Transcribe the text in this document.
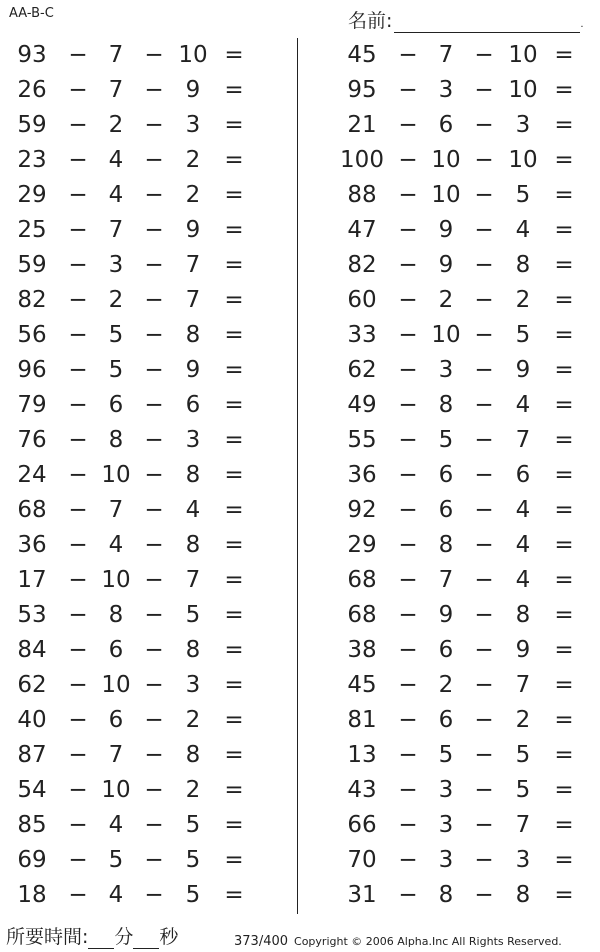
AA-B-C	名前:	.
93 − 7 − 10 =
26 − 7 − 9	=
59 − 2 − 3	=
23 − 4 − 2	=
29 − 4 − 2	=
25 − 7 − 9	=
59 − 3 − 7	=
82 − 2 − 7	=
56 − 5 − 8	=
96 − 5 − 9	=
79 − 6 − 6	=
76 − 8 − 3	=
24 − 10 − 8	=
68 − 7 − 4	=
36 − 4 − 8	=
17 − 10 − 7	=
53 − 8 − 5	=
84 − 6 − 8	=
62 − 10 − 3	=
40 − 6 − 2	=
87 − 7 − 8	=
54 − 10 − 2	=
85 − 4 − 5	=
69 − 5 − 5	=
18 − 4 − 5	=
45 − 7 − 10 =
95 − 3 − 10 =
21 − 6 − 3	=
100 − 10 − 10 =
88 − 10 − 5	=
47 − 9 − 4	=
82 − 9 − 8	=
60 − 2 − 2	=
33 − 10 − 5	=
62 − 3 − 9	=
49 − 8 − 4	=
55 − 5 − 7	=
36 − 6 − 6	=
92 − 6 − 4	=
29 − 8 − 4	=
68 − 7 − 4	=
68 − 9 − 8	=
38 − 6 − 9	=
45 − 2 − 7	=
81 − 6 − 2	=
13 − 5 − 5	=
43 − 3 − 5	=
66 − 3 − 7	=
70 − 3 − 3	=
31 − 8 − 8	=
所要時間: 分 秒	373/400 Copyright © 2006 Alpha.Inc All Rights Reserved.
